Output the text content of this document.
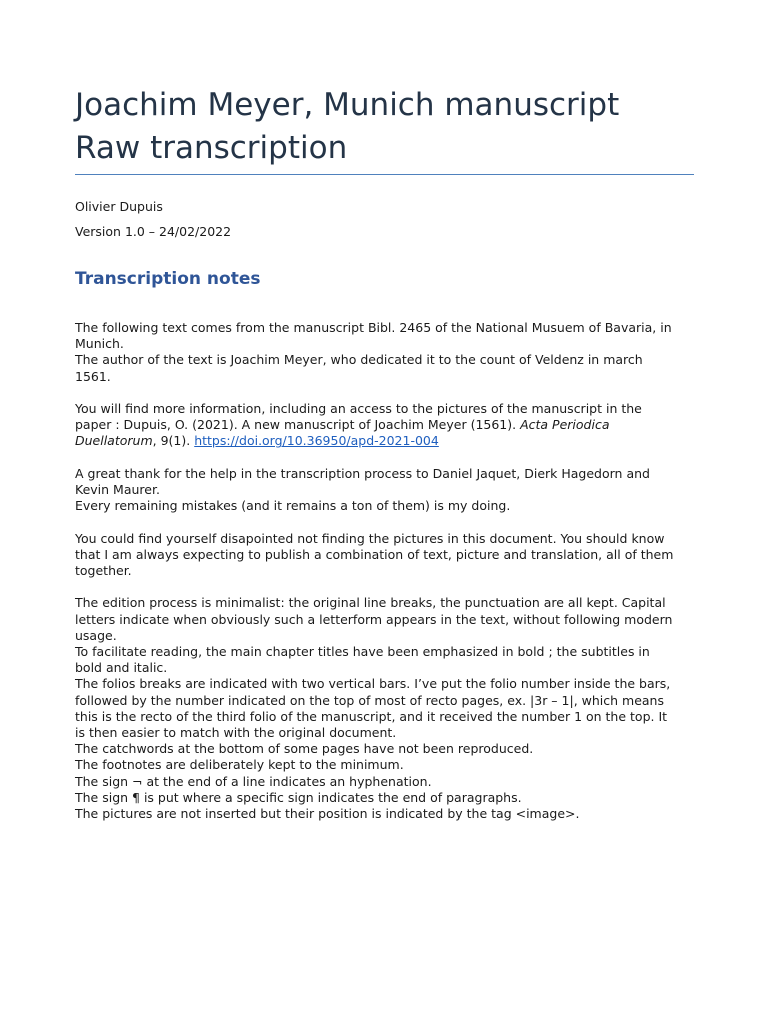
Joachim Meyer, Munich manuscript
Raw transcription

Olivier Dupuis

Version 1.0 – 24/02/2022

Transcription notes
The following text comes from the manuscript Bibl. 2465 of the National Musuem of Bavaria, in
Munich.
The author of the text is Joachim Meyer, who dedicated it to the count of Veldenz in march
1561.
You will find more information, including an access to the pictures of the manuscript in the
paper : Dupuis, O. (2021). A new manuscript of Joachim Meyer (1561). Acta Periodica
Duellatorum, 9(1). https://doi.org/10.36950/apd-2021-004
A great thank for the help in the transcription process to Daniel Jaquet, Dierk Hagedorn and
Kevin Maurer.
Every remaining mistakes (and it remains a ton of them) is my doing.
You could find yourself disapointed not finding the pictures in this document. You should know
that I am always expecting to publish a combination of text, picture and translation, all of them
together.
The edition process is minimalist: the original line breaks, the punctuation are all kept. Capital
letters indicate when obviously such a letterform appears in the text, without following modern
usage.
To facilitate reading, the main chapter titles have been emphasized in bold ; the subtitles in
bold and italic.
The folios breaks are indicated with two vertical bars. I’ve put the folio number inside the bars,
followed by the number indicated on the top of most of recto pages, ex. |3r – 1|, which means
this is the recto of the third folio of the manuscript, and it received the number 1 on the top. It
is then easier to match with the original document.
The catchwords at the bottom of some pages have not been reproduced.
The footnotes are deliberately kept to the minimum.
The sign ¬ at the end of a line indicates an hyphenation.
The sign ¶ is put where a specific sign indicates the end of paragraphs.
The pictures are not inserted but their position is indicated by the tag <image>.
